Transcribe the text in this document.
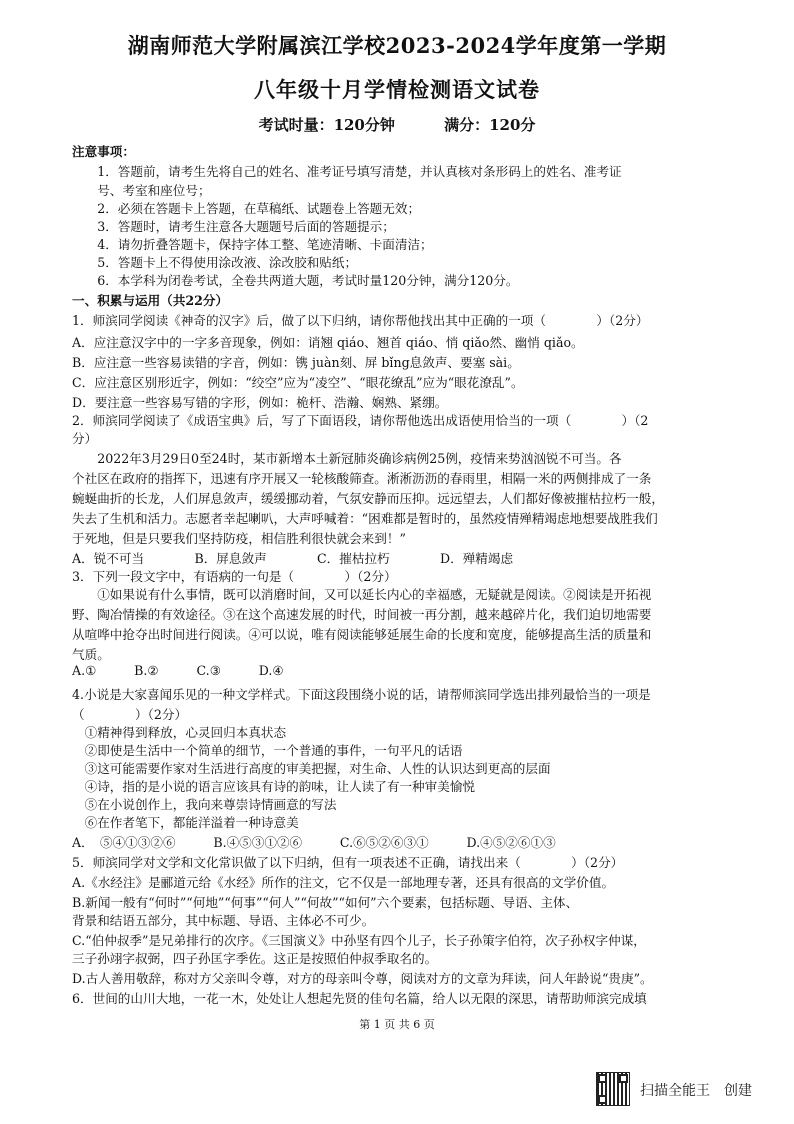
湖南师范大学附属滨江学校2023-2024学年度第一学期
八年级十月学情检测语文试卷
考试时量：120分钟	满分：120分
注意事项：
　　1．答题前，请考生先将自己的姓名、准考证号填写清楚，并认真核对条形码上的姓名、准考证
　　号、考室和座位号；
　　2．必须在答题卡上答题，在草稿纸、试题卷上答题无效；
　　3．答题时，请考生注意各大题题号后面的答题提示；
　　4．请勿折叠答题卡，保持字体工整、笔迹清晰、卡面清洁；
　　5．答题卡上不得使用涂改液、涂改胶和贴纸；
　　6．本学科为闭卷考试，全卷共两道大题，考试时量120分钟，满分120分。
一、积累与运用（共22分）
1．师滨同学阅读《神奇的汉字》后，做了以下归纳，请你帮他找出其中正确的一项（　　　　）（2分）
A．应注意汉字中的一字多音现象，例如：诮翘 qiáo、翘首 qiáo、悄 qiǎo然、幽悄 qiǎo。
B．应注意一些容易读错的字音，例如：镌 juàn刻、屏 bǐng息敛声、要塞 sài。
C．应注意区别形近字，例如：“绞空”应为“凌空”、“眼花缭乱”应为“眼花潦乱”。
D．要注意一些容易写错的字形，例如：桅杆、浩瀚、娴熟、紧绷。
2．师滨同学阅读了《成语宝典》后，写了下面语段，请你帮他选出成语使用恰当的一项（　　　　）（2
分）
　　2022年3月29日0至24时，某市新增本土新冠肺炎确诊病例25例，疫情来势汹汹锐不可当。各
个社区在政府的指挥下，迅速有序开展又一轮核酸筛查。淅淅沥沥的春雨里，相隔一米的两侧排成了一条
蜿蜒曲折的长龙，人们屏息敛声，缓缓挪动着，气氛安静而压抑。远远望去，人们都好像被摧枯拉朽一般，
失去了生机和活力。志愿者幸起喇叭，大声呼喊着：“困难都是暂时的，虽然疫情殚精竭虑地想要战胜我们
于死地，但是只要我们坚持防疫，相信胜利很快就会来到！”
A．锐不可当　　　　B．屏息敛声　　　　C．摧枯拉朽　　　　D．殚精竭虑
3．下列一段文字中，有语病的一句是（　　　　）（2分）
　　①如果说有什么事情，既可以消磨时间，又可以延长内心的幸福感，无疑就是阅读。②阅读是开拓视
野、陶冶情操的有效途径。③在这个高速发展的时代，时间被一再分割，越来越碎片化，我们迫切地需要
从喧哗中抢夺出时间进行阅读。④可以说，唯有阅读能够延展生命的长度和宽度，能够提高生活的质量和
气质。
A.①　　　B.②　　　C.③　　　D.④
4.小说是大家喜闻乐见的一种文学样式。下面这段围绕小说的话，请帮师滨同学选出排列最恰当的一项是
（　　　　）（2分）
　①精神得到释放，心灵回归本真状态
　②即使是生活中一个简单的细节，一个普通的事件，一句平凡的话语
　③这可能需要作家对生活进行高度的审美把握，对生命、人性的认识达到更高的层面
　④诗，指的是小说的语言应该具有诗的韵味，让人读了有一种审美愉悦
　⑤在小说创作上，我向来尊崇诗情画意的写法
　⑥在作者笔下，都能洋溢着一种诗意美
A．　⑤④①③②⑥　　　B.④⑤③①②⑥　　　C.⑥⑤②⑥③①　　　D.④⑤②⑥①③
5．师滨同学对文学和文化常识做了以下归纳，但有一项表述不正确，请找出来（　　　　）（2分）
A.《水经注》是郦道元给《水经》所作的注文，它不仅是一部地理专著，还具有很高的文学价值。
B.新闻一般有“何时”“何地”“何事”“何人”“何故”“如何”六个要素，包括标题、导语、主体、
背景和结语五部分，其中标题、导语、主体必不可少。
C.“伯仲叔季”是兄弟排行的次序。《三国演义》中孙坚有四个儿子，长子孙策字伯符，次子孙权字仲谋，
三子孙翊字叔弼，四子孙匡字季佐。这正是按照伯仲叔季取名的。
D.古人善用敬辞，称对方父亲叫令尊，对方的母亲叫令尊，阅读对方的文章为拜读，问人年龄说“贵庚”。
6．世间的山川大地，一花一木，处处让人想起先贤的佳句名篇，给人以无限的深思，请帮助师滨完成填
第 1 页 共 6 页
扫描全能王　创建
